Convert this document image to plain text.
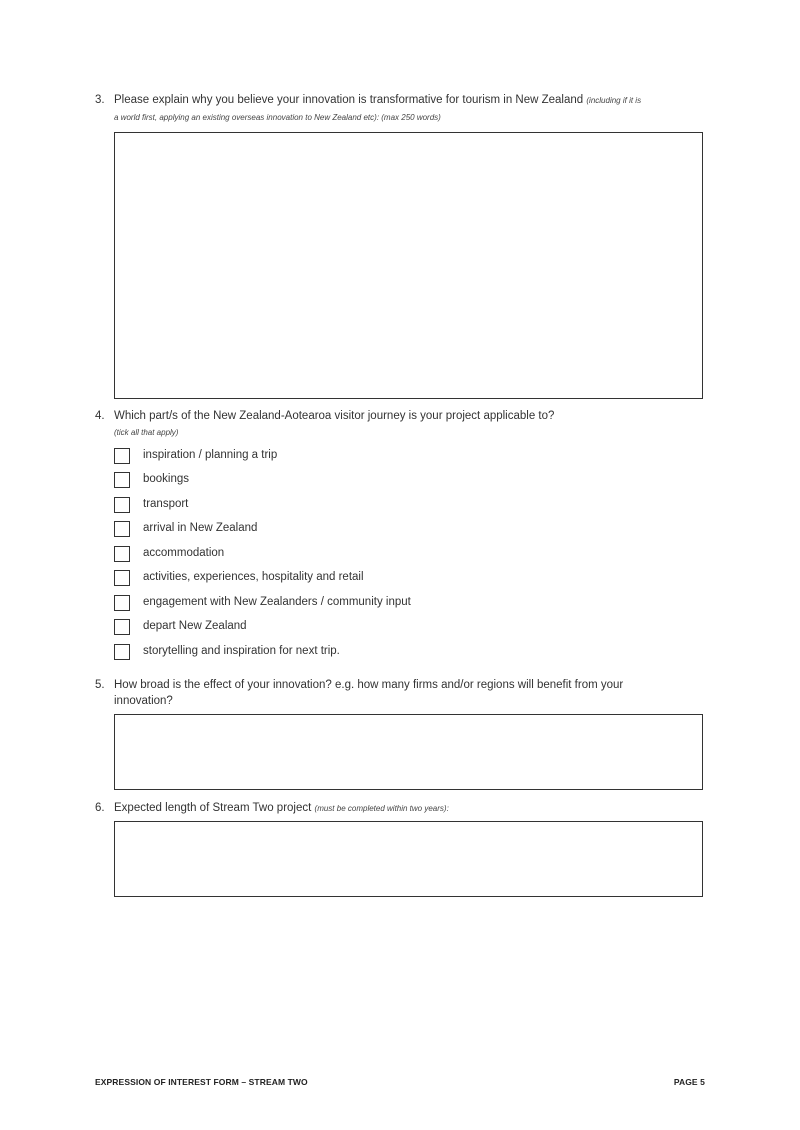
3. Please explain why you believe your innovation is transformative for tourism in New Zealand (including if it is
a world first, applying an existing overseas innovation to New Zealand etc): (max 250 words)
4. Which part/s of the New Zealand-Aotearoa visitor journey is your project applicable to?
(tick all that apply)
inspiration / planning a trip
bookings
transport
arrival in New Zealand
accommodation
activities, experiences, hospitality and retail
engagement with New Zealanders / community input
depart New Zealand
storytelling and inspiration for next trip.
5. How broad is the effect of your innovation? e.g. how many firms and/or regions will benefit from your innovation?
6. Expected length of Stream Two project (must be completed within two years):
EXPRESSION OF INTEREST FORM – STREAM TWO	PAGE 5
